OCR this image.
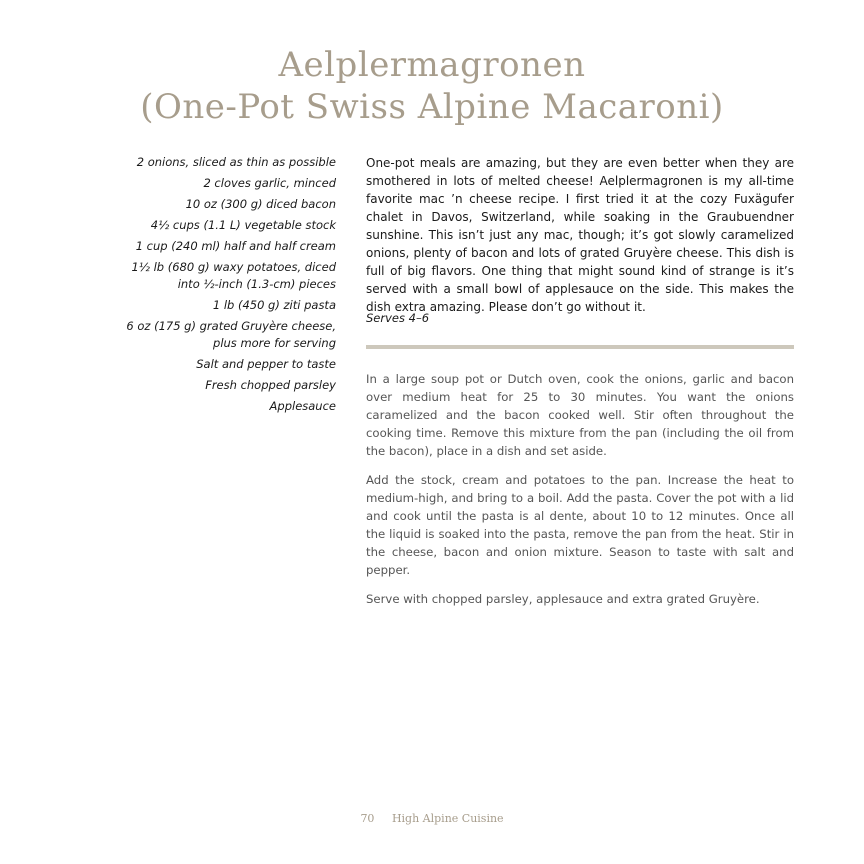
Aelplermagronen
(One-Pot Swiss Alpine Macaroni)
2 onions, sliced as thin as possible
2 cloves garlic, minced
10 oz (300 g) diced bacon
4½ cups (1.1 L) vegetable stock
1 cup (240 ml) half and half cream
1½ lb (680 g) waxy potatoes, diced into ½-inch (1.3-cm) pieces
1 lb (450 g) ziti pasta
6 oz (175 g) grated Gruyère cheese, plus more for serving
Salt and pepper to taste
Fresh chopped parsley
Applesauce
One-pot meals are amazing, but they are even better when they are smothered in lots of melted cheese! Aelplermagronen is my all-time favorite mac ’n cheese recipe. I first tried it at the cozy Fuxägufer chalet in Davos, Switzerland, while soaking in the Graubuendner sunshine. This isn’t just any mac, though; it’s got slowly caramelized onions, plenty of bacon and lots of grated Gruyère cheese. This dish is full of big flavors. One thing that might sound kind of strange is it’s served with a small bowl of applesauce on the side. This makes the dish extra amazing. Please don’t go without it.
Serves 4–6

In a large soup pot or Dutch oven, cook the onions, garlic and bacon over medium heat for 25 to 30 minutes. You want the onions caramelized and the bacon cooked well. Stir often throughout the cooking time. Remove this mixture from the pan (including the oil from the bacon), place in a dish and set aside.

Add the stock, cream and potatoes to the pan. Increase the heat to medium-high, and bring to a boil. Add the pasta. Cover the pot with a lid and cook until the pasta is al dente, about 10 to 12 minutes. Once all the liquid is soaked into the pasta, remove the pan from the heat. Stir in the cheese, bacon and onion mixture. Season to taste with salt and pepper.

Serve with chopped parsley, applesauce and extra grated Gruyère.

70 High Alpine Cuisine
